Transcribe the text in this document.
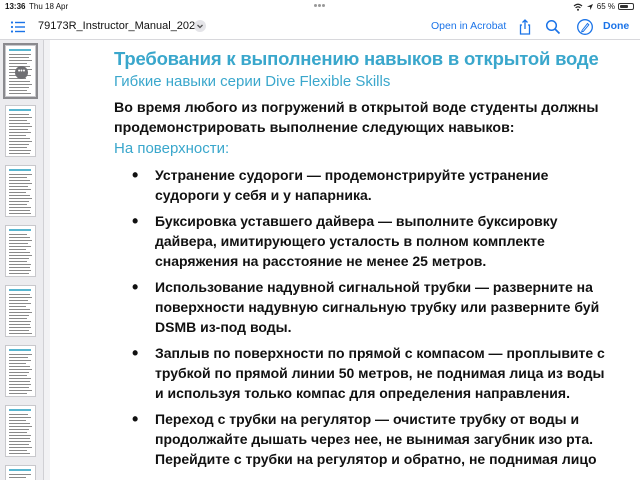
13:36 Thu 18 Apr	65 %
79173R_Instructor_Manual_2024	Open in Acrobat	Done
•••
Требования к выполнению навыков в открытой воде
Гибкие навыки серии Dive Flexible Skills
Во время любого из погружений в открытой воде студенты должны продемонстрировать выполнение следующих навыков:
На поверхности:
• Устранение судороги — продемонстрируйте устранение судороги у себя и у напарника.
• Буксировка уставшего дайвера — выполните буксировку дайвера, имитирующего усталость в полном комплекте снаряжения на расстояние не менее 25 метров.
• Использование надувной сигнальной трубки — разверните на поверхности надувную сигнальную трубку или разверните буй DSMB из-под воды.
• Заплыв по поверхности по прямой с компасом — проплывите с трубкой по прямой линии 50 метров, не поднимая лица из воды и используя только компас для определения направления.
• Переход с трубки на регулятор — очистите трубку от воды и продолжайте дышать через нее, не вынимая загубник изо рта. Перейдите с трубки на регулятор и обратно, не поднимая лицо
